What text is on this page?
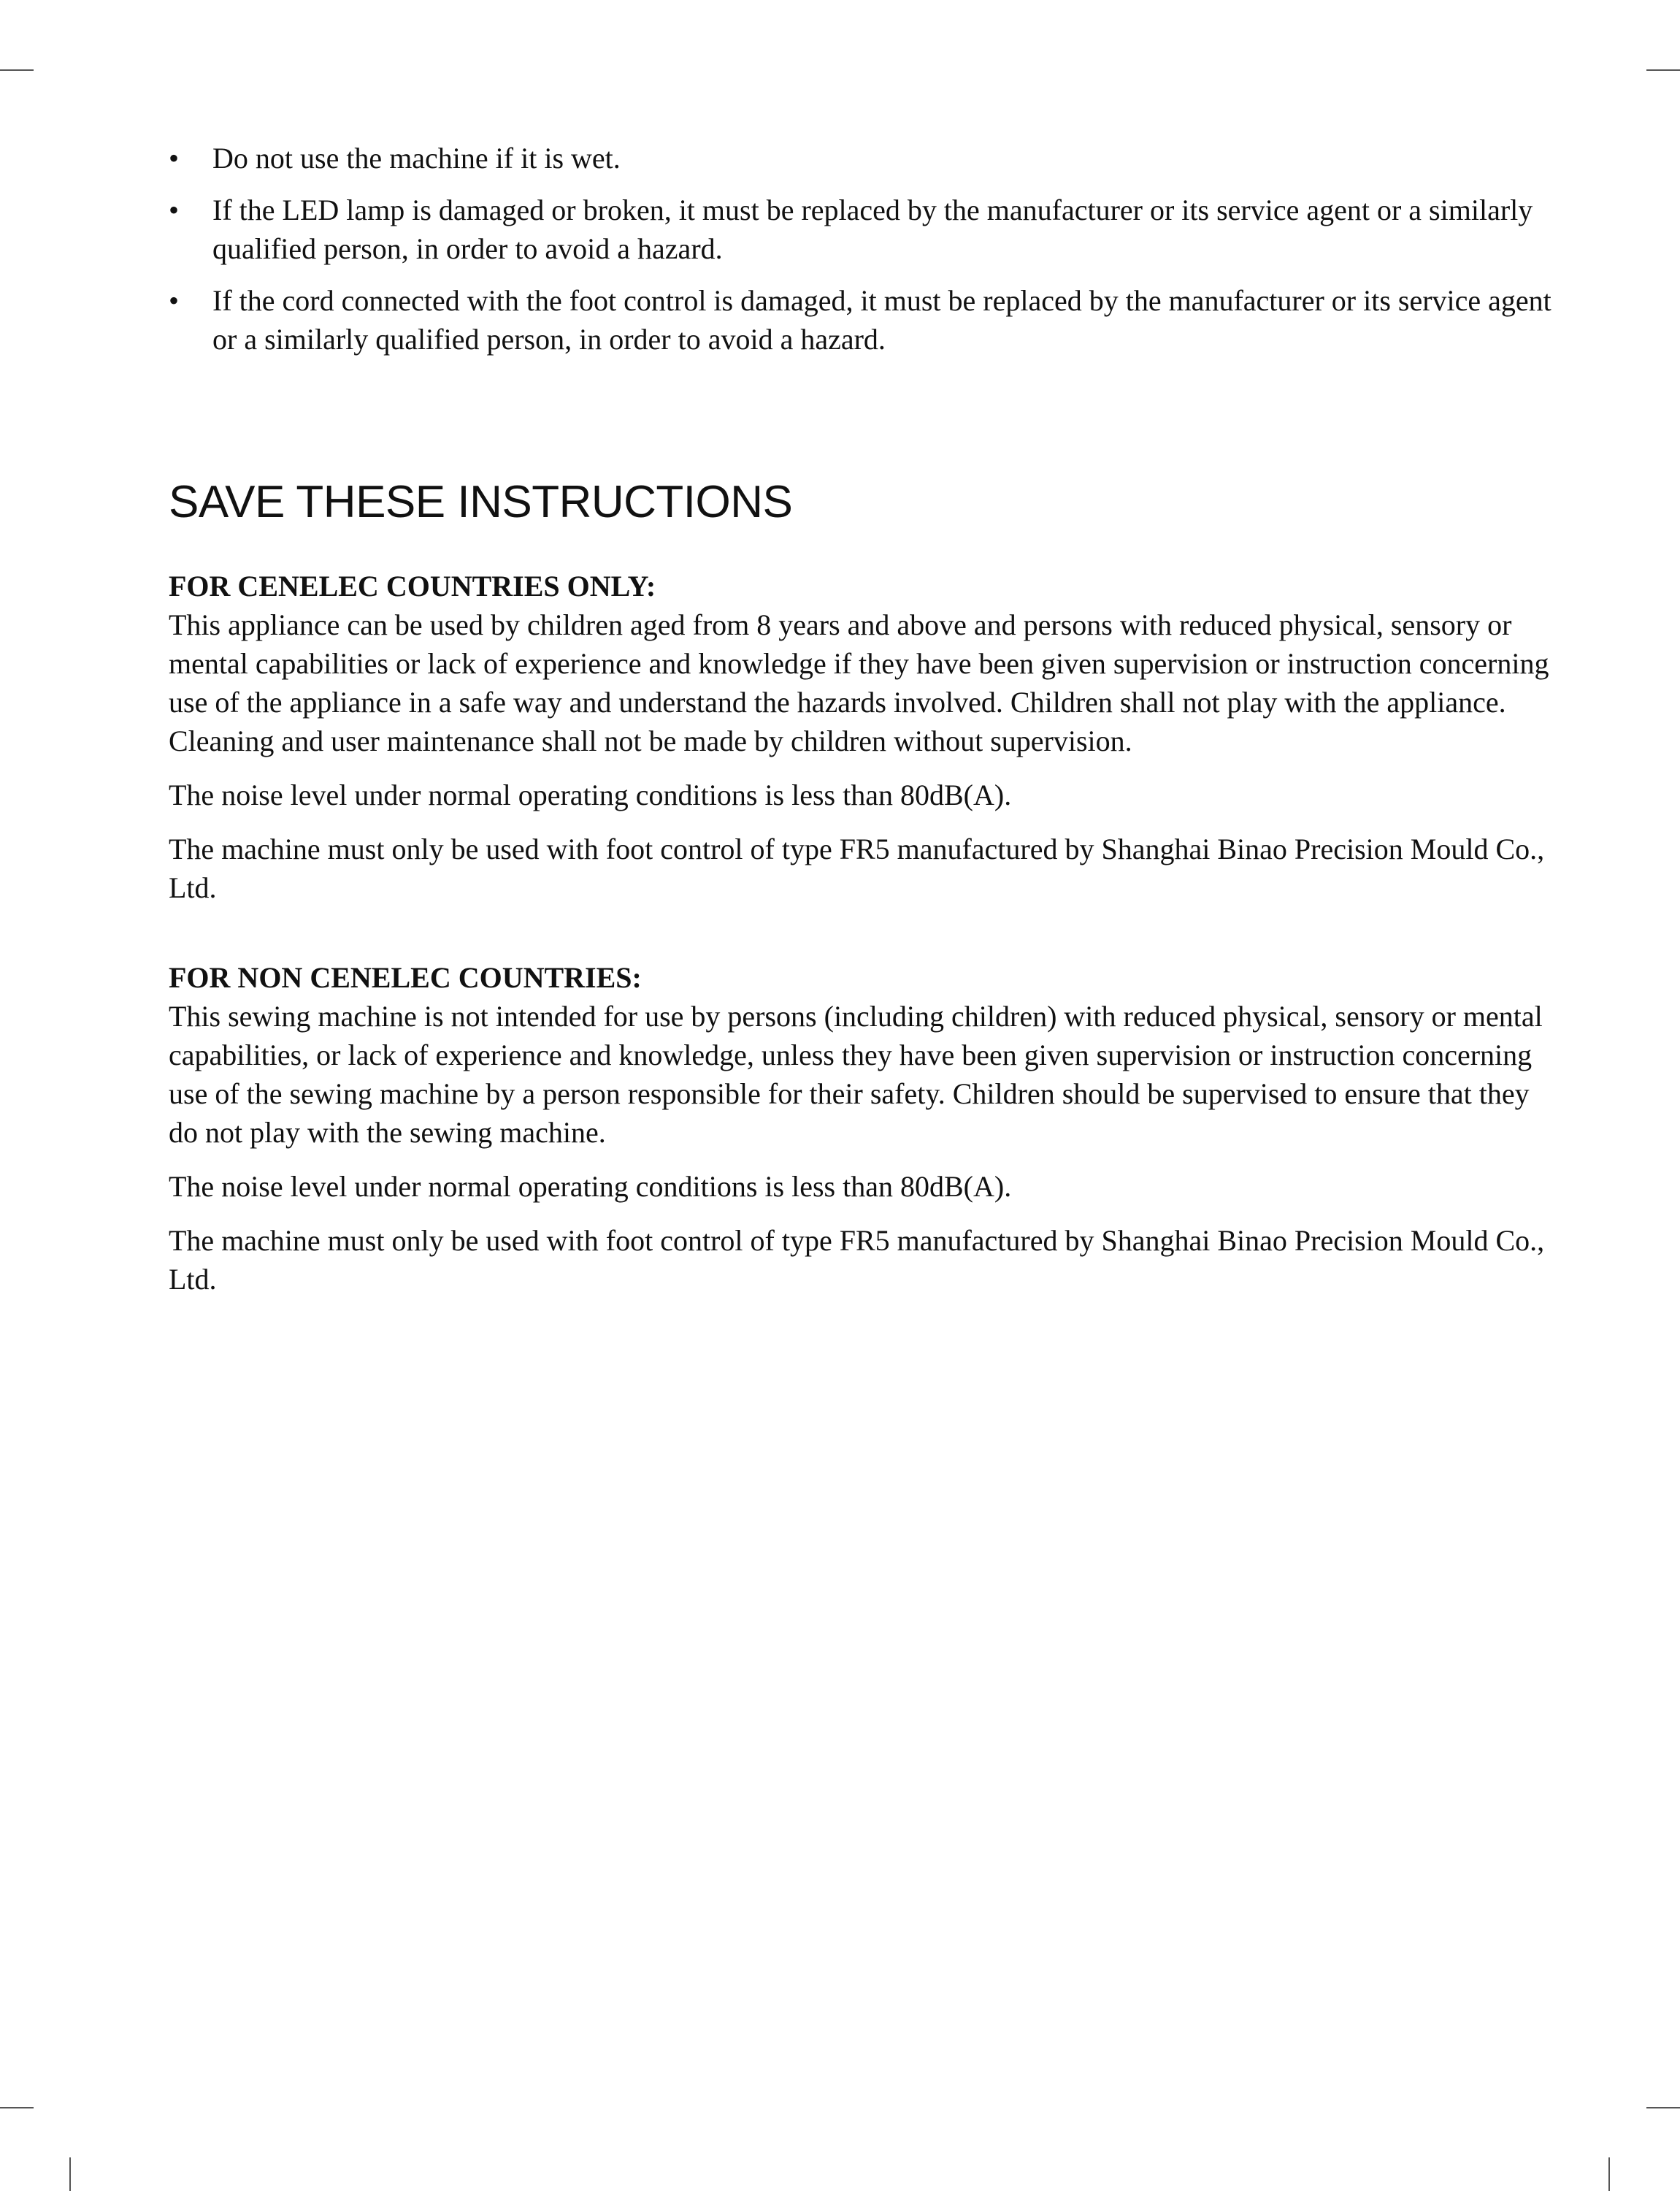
• Do not use the machine if it is wet.
• If the LED lamp is damaged or broken, it must be replaced by the manufacturer or its service agent or a similarly qualified person, in order to avoid a hazard.
• If the cord connected with the foot control is damaged, it must be replaced by the manufacturer or its service agent or a similarly qualified person, in order to avoid a hazard.
SAVE THESE INSTRUCTIONS
FOR CENELEC COUNTRIES ONLY:

This appliance can be used by children aged from 8 years and above and persons with reduced physical, sensory or mental capabilities or lack of experience and knowledge if they have been given supervision or instruction concerning use of the appliance in a safe way and understand the hazards involved. Children shall not play with the appliance. Cleaning and user maintenance shall not be made by children without supervision.

The noise level under normal operating conditions is less than 80dB(A).

The machine must only be used with foot control of type FR5 manufactured by Shanghai Binao Precision Mould Co., Ltd.

FOR NON CENELEC COUNTRIES:

This sewing machine is not intended for use by persons (including children) with reduced physical, sensory or mental capabilities, or lack of experience and knowledge, unless they have been given supervision or instruction concerning use of the sewing machine by a person responsible for their safety. Children should be supervised to ensure that they do not play with the sewing machine.

The noise level under normal operating conditions is less than 80dB(A).

The machine must only be used with foot control of type FR5 manufactured by Shanghai Binao Precision Mould Co., Ltd.
